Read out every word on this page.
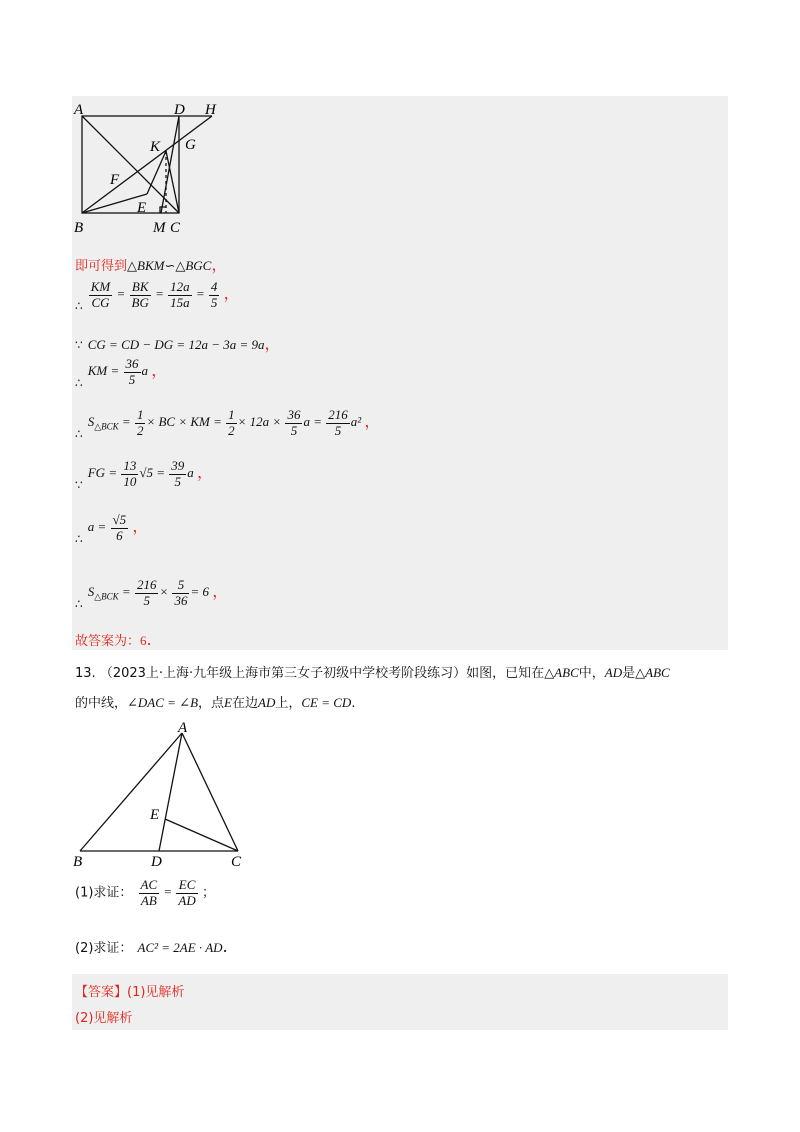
A	D H
K G
F
E
B	M C
即可得到△BKM∽△BGC，
$_\therefore \frac{KM}{CG} = \frac{BK}{BG} = \frac{12a}{15a} = \frac{4}{5}$ ，
∵ CG = CD − DG = 12a − 3a = 9a，
$_\therefore$ KM = $\frac{36}{5}$ a ，
$_\therefore$ $S_{\triangle BCK} = \frac{1}{2}$ × BC × KM = $\frac{1}{2} \times 12a \times \frac{36}{5}$ $a = \frac{216}{5} a^2$ ，
$_\because$ FG = $\frac{13}{10} √5 = \frac{39}{5}$ a ，
$_\therefore$ $a = \frac{√5}{6}$ ，
$_\therefore$ $S_{\triangle BCK} = \frac{216}{5} \times \frac{5}{36} = 6$ ，
故答案为：6.
13. （2023上·上海·九年级上海市第三女子初级中学校考阶段练习）如图，已知在△ABC中，AD是△ABC
的中线，∠DAC = ∠B，点E在边AD上，CE = CD.
A
E
B	D	C
(1)求证： $\frac{AC}{AB} = \frac{EC}{AD}$ ；
(2)求证： AC² = 2AE · AD.
【答案】(1)见解析
(2)见解析
